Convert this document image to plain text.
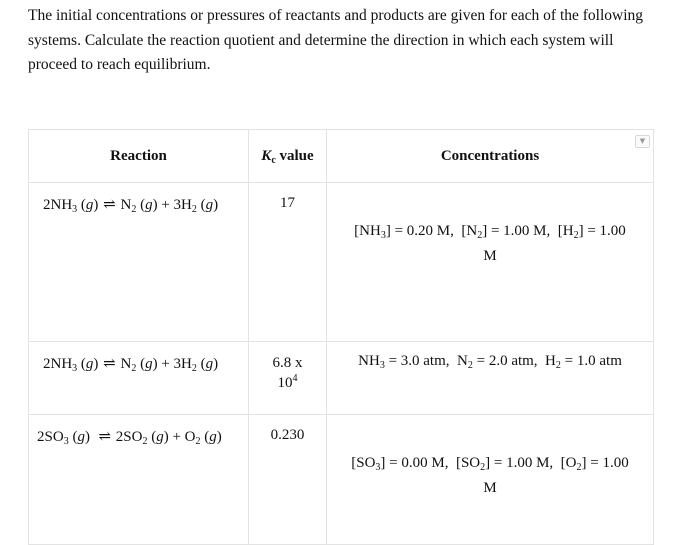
The initial concentrations or pressures of reactants and products are given for each of the following systems. Calculate the reaction quotient and determine the direction in which each system will proceed to reach equilibrium.

Reaction	$K_c$ value	Concentrations
▼

$2NH_3$ (g) ⇌ $N_2$ $(g) + 3H_2$ (g)	17	$[NH_3] = 0.20$ M,  $[N_2] = 1.00$ M,  $[H_2] = 1.00$
M

$2NH_3$ (g) ⇌ $N_2$ $(g) + 3H_2$ (g)	6.8 x
$10^4$	$NH_3 = 3.0$ atm,  $N_2 = 2.0$ atm,  $H_2 = 1.0$ atm

$2SO_3$ (g)  ⇌ $2SO_2$ $(g) + O_2$ (g)	0.230	$[SO_3] = 0.00$ M,  $[SO_2] = 1.00$ M,  $[O_2] = 1.00$
M
